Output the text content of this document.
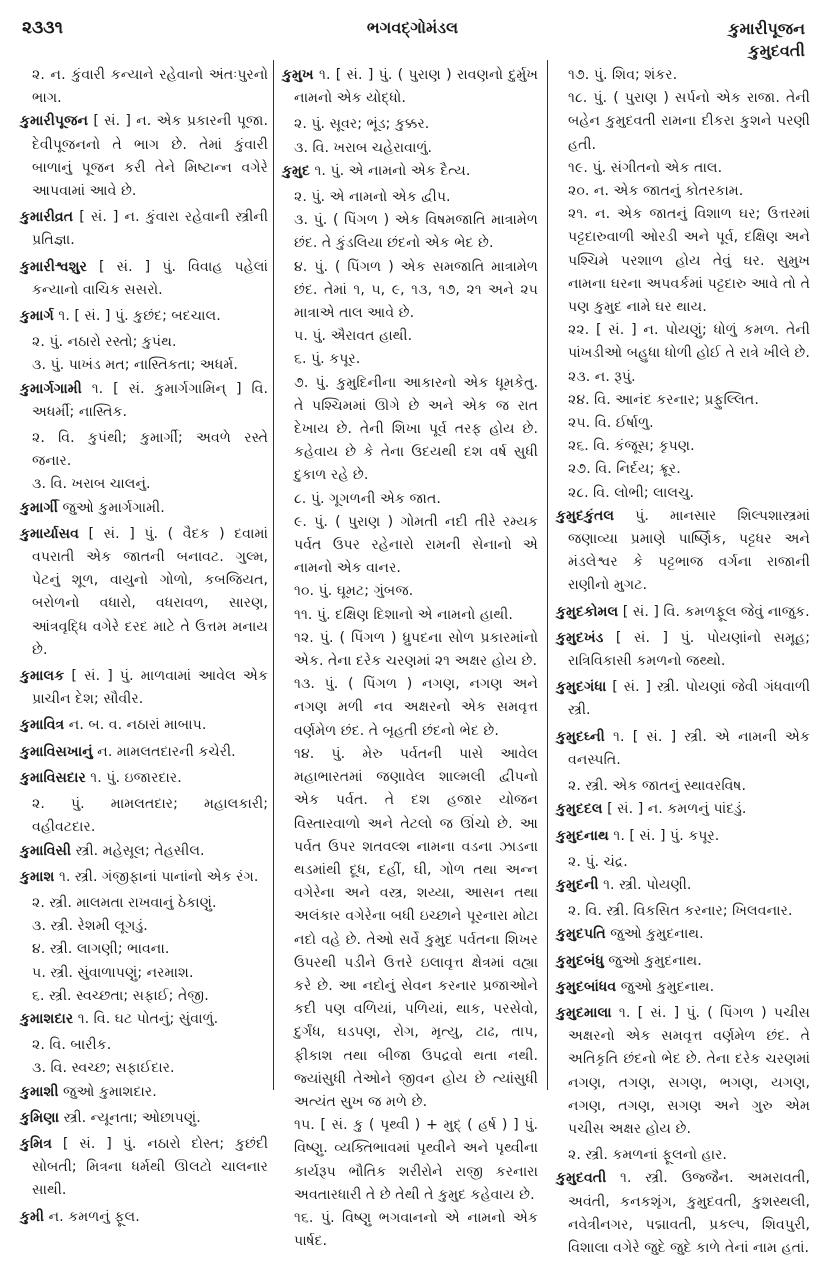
૨૩૩૧	ભગવદ્ગોમંડલ	કુમારીપૂજન
કુમુદવતી

૨. ન. કુંવારી કન્યાને રહેવાનો અંતઃપુરનો ભાગ.

કુમારીપૂજન [ સં. ] ન. એક પ્રકારની પૂજા. દેવીપૂજનનો તે ભાગ છે. તેમાં કુંવારી બાળાનું પૂજન કરી તેને મિષ્ટાન્ન વગેરે આપવામાં આવે છે.

કુમારીવ્રત [ સં. ] ન. કુંવારા રહેવાની સ્ત્રીની પ્રતિજ્ઞા.

કુમારીશ્વશુર [ સં. ] પું. વિવાહ પહેલાં કન્યાનો વાચિક સસરો.

કુમાર્ગ ૧. [ સં. ] પું. કુછંદ; બદચાલ.

૨. પું. નઠારો રસ્તો; કુપંથ.

૩. પું. પાખંડ મત; નાસ્તિકતા; અધર્મ.

કુમાર્ગગામી ૧. [ સં. કુમાર્ગગામિન્ ] વિ. અધર્મી; નાસ્તિક.

૨. વિ. કુપંથી; કુમાર્ગી; અવળે રસ્તે જનાર.

૩. વિ. ખરાબ ચાલનું.

કુમાર્ગી જુઓ કુમાર્ગગામી.

કુમાર્યાસવ [ સં. ] પું. ( વૈદક ) દવામાં વપરાતી એક જાતની બનાવટ. ગુલ્મ, પેટનું શૂળ, વાયુનો ગોળો, કબજિયત, બરોળનો વધારો, વધરાવળ, સારણ, આંત્રવૃદ્ધિ વગેરે દરદ માટે તે ઉત્તમ મનાય છે.

કુમાલક [ સં. ] પું. માળવામાં આવેલ એક પ્રાચીન દેશ; સૌવીર.

કુમાવિત્ર ન. બ. વ. નઠારાં માબાપ.

કુમાવિસખાનું ન. મામલતદારની કચેરી.

કુમાવિસદાર ૧. પું. ઇજારદાર.

૨. પું. મામલતદાર; મહાલકારી; વહીવટદાર.

કુમાવિસી સ્ત્રી. મહેસૂલ; તેહસીલ.

કુમાશ ૧. સ્ત્રી. ગંજીફાનાં પાનાંનો એક રંગ.

૨. સ્ત્રી. માલમતા રાખવાનું ઠેકાણું.

૩. સ્ત્રી. રેશમી લૂગડું.

૪. સ્ત્રી. લાગણી; ભાવના.

૫. સ્ત્રી. સુંવાળાપણું; નરમાશ.

૬. સ્ત્રી. સ્વચ્છતા; સફાઈ; તેજી.

કુમાશદાર ૧. વિ. ઘટ પોતનું; સુંવાળું.

૨. વિ. બારીક.

૩. વિ. સ્વચ્છ; સફાઈદાર.

કુમાશી જુઓ કુમાશદાર.

કુમિણા સ્ત્રી. ન્યૂનતા; ઓછાપણું.

કુમિત્ર [ સં. ] પું. નઠારો દોસ્ત; કુછંદી સોબતી; મિત્રના ધર્મથી ઊલટો ચાલનાર સાથી.

કુમી ન. કમળનું ફૂલ.

કુમુખ ૧. [ સં. ] પું. ( પુરાણ ) રાવણનો દુર્મુખ નામનો એક યોદ્ધો.

૨. પું. સૂવર; ભૂંડ; કુક્કર.

૩. વિ. ખરાબ ચહેરાવાળું.

કુમુદ ૧. પું. એ નામનો એક દૈત્ય.

૨. પું. એ નામનો એક દ્વીપ.

૩. પું. ( પિંગળ ) એક વિષમજાતિ માત્રામેળ છંદ. તે કુંડલિયા છંદનો એક ભેદ છે.

૪. પું. ( પિંગળ ) એક સમજાતિ માત્રામેળ છંદ. તેમાં ૧, ૫, ૯, ૧૩, ૧૭, ૨૧ અને ૨૫ માત્રાએ તાલ આવે છે.

૫. પું. ઐરાવત હાથી.

૬. પું. કપૂર.

૭. પું. કુમુદિનીના આકારનો એક ધૂમકેતુ. તે પશ્ચિમમાં ઊગે છે અને એક જ રાત દેખાય છે. તેની શિખા પૂર્વ તરફ હોય છે. કહેવાય છે કે તેના ઉદયથી દશ વર્ષ સુધી દુકાળ રહે છે.

૮. પું. ગૂગળની એક જાત.

૯. પું. ( પુરાણ ) ગોમતી નદી તીરે રમ્યક પર્વત ઉપર રહેનારો રામની સેનાનો એ નામનો એક વાનર.

૧૦. પું. ઘૂમટ; ગુંબજ.

૧૧. પું. દક્ષિણ દિશાનો એ નામનો હાથી.

૧૨. પું. ( પિંગળ ) ધ્રુપદના સોળ પ્રકારમાંનો એક. તેના દરેક ચરણમાં ૨૧ અક્ષર હોય છે.

૧૩. પું. ( પિંગળ ) નગણ, નગણ અને નગણ મળી નવ અક્ષરનો એક સમવૃત્ત વર્ણમેળ છંદ. તે બૃહતી છંદનો ભેદ છે.

૧૪. પું. મેરુ પર્વતની પાસે આવેલ મહાભારતમાં જણાવેલ શાલ્મલી દ્વીપનો એક પર્વત. તે દશ હજાર યોજન વિસ્તારવાળો અને તેટલો જ ઊંચો છે. આ પર્વત ઉપર શતવલ્શ નામના વડના ઝાડના થડમાંથી દૂધ, દહીં, ઘી, ગોળ તથા અન્ન વગેરેના અને વસ્ત્ર, શય્યા, આસન તથા અલંકાર વગેરેના બધી ઇચ્છાને પૂરનારા મોટા નદો વહે છે. તેઓ સર્વે કુમુદ પર્વતના શિખર ઉપરથી પડીને ઉત્તરે ઇલાવૃત્ત ક્ષેત્રમાં વહ્યા કરે છે. આ નદોનું સેવન કરનાર પ્રજાઓને કદી પણ વળિયાં, પળિયાં, થાક, પરસેવો, દુર્ગંધ, ઘડપણ, રોગ, મૃત્યુ, ટાઢ, તાપ, ફીકાશ તથા બીજા ઉપદ્રવો થતા નથી. જ્યાંસુધી તેઓને જીવન હોય છે ત્યાંસુધી અત્યંત સુખ જ મળે છે.

૧૫. [ સં. કુ ( પૃથ્વી ) + મુદ્ ( હર્ષ ) ] પું. વિષ્ણુ. વ્યક્તિભાવમાં પૃથ્વીને અને પૃથ્વીના કાર્યરૂપ ભૌતિક શરીરોને રાજી કરનારા અવતારધારી તે છે તેથી તે કુમુદ કહેવાય છે.

૧૬. પું. વિષ્ણુ ભગવાનનો એ નામનો એક પાર્ષદ.

૧૭. પું. શિવ; શંકર.

૧૮. પું. ( પુરાણ ) સર્પનો એક રાજા. તેની બહેન કુમુદવતી રામના દીકરા કુશને પરણી હતી.

૧૯. પું. સંગીતનો એક તાલ.

૨૦. ન. એક જાતનું કોતરકામ.

૨૧. ન. એક જાતનું વિશાળ ઘર; ઉત્તરમાં પટ્ટદારુવાળી ઓરડી અને પૂર્વ, દક્ષિણ અને પશ્ચિમે પરશાળ હોય તેવું ઘર. સુમુખ નામના ઘરના અપવર્કમાં પટ્ટદારુ આવે તો તે પણ કુમુદ નામે ઘર થાય.

૨૨. [ સં. ] ન. પોયણું; ધોળું કમળ. તેની પાંખડીઓ બહુધા ધોળી હોઈ તે રાત્રે ખીલે છે.

૨૩. ન. રૂપું.

૨૪. વિ. આનંદ કરનાર; પ્રફુલ્લિત.

૨૫. વિ. ઈર્ષાળુ.

૨૬. વિ. કંજૂસ; કૃપણ.

૨૭. વિ. નિર્દય; ક્રૂર.

૨૮. વિ. લોભી; લાલચુ.

કુમુદકુંતલ પું. માનસાર શિલ્પશાસ્ત્રમાં જણાવ્યા પ્રમાણે પાર્ષ્ણિક, પટ્ટધર અને મંડલેશ્વર કે પટ્ટભાજ વર્ગના રાજાની રાણીનો મુગટ.

કુમુદકોમલ [ સં. ] વિ. કમળફૂલ જેવું નાજુક.

કુમુદખંડ [ સં. ] પું. પોયણાંનો સમૂહ; રાત્રિવિકાસી કમળનો જથ્થો.

કુમુદગંધા [ સં. ] સ્ત્રી. પોયણાં જેવી ગંધવાળી સ્ત્રી.

કુમુદઘ્ની ૧. [ સં. ] સ્ત્રી. એ નામની એક વનસ્પતિ.

૨. સ્ત્રી. એક જાતનું સ્થાવરવિષ.

કુમુદદલ [ સં. ] ન. કમળનું પાંદડું.

કુમુદનાથ ૧. [ સં. ] પું. કપૂર.

૨. પું. ચંદ્ર.

કુમુદની ૧. સ્ત્રી. પોયણી.

૨. વિ. સ્ત્રી. વિકસિત કરનાર; ખિલવનાર.

કુમુદપતિ જુઓ કુમુદનાથ.

કુમુદબંધુ જુઓ કુમુદનાથ.

કુમુદબાંધવ જુઓ કુમુદનાથ.

કુમુદમાલા ૧. [ સં. ] પું. ( પિંગળ ) પચીસ અક્ષરનો એક સમવૃત્ત વર્ણમેળ છંદ. તે અતિકૃતિ છંદનો ભેદ છે. તેના દરેક ચરણમાં નગણ, તગણ, સગણ, ભગણ, યગણ, નગણ, તગણ, સગણ અને ગુરુ એમ પચીસ અક્ષર હોય છે.

૨. સ્ત્રી. કમળનાં ફૂલનો હાર.

કુમુદવતી ૧. સ્ત્રી. ઉજ્જૈન. અમરાવતી, અવંતી, કનકશૃંગ, કુમુદવતી, કુશસ્થલી, નવેત્રીનગર, પદ્માવતી, પ્રકલ્પ, શિવપુરી, વિશાલા વગેરે જુદે જુદે કાળે તેનાં નામ હતાં.
